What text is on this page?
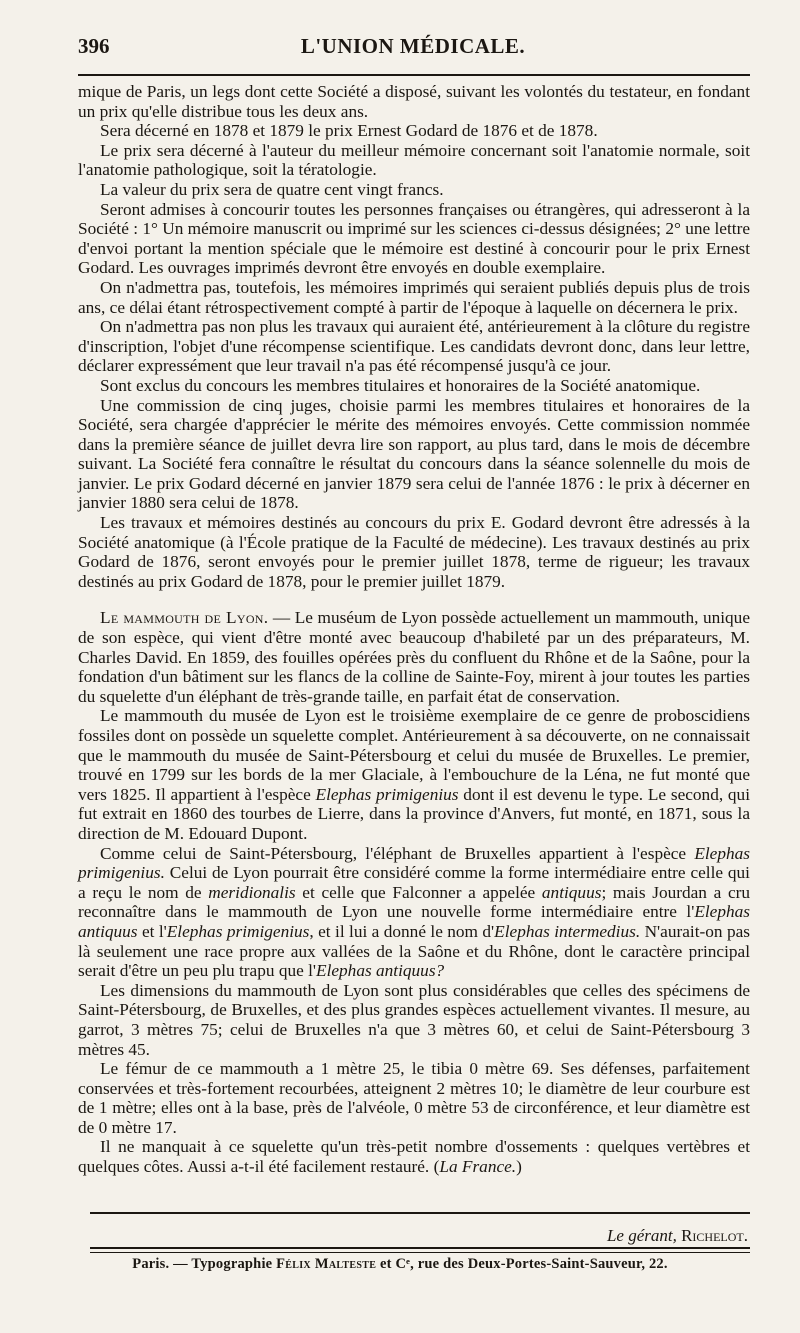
396	L'UNION MÉDICALE.

mique de Paris, un legs dont cette Société a disposé, suivant les volontés du testateur, en fondant un prix qu'elle distribue tous les deux ans.

Sera décerné en 1878 et 1879 le prix Ernest Godard de 1876 et de 1878.

Le prix sera décerné à l'auteur du meilleur mémoire concernant soit l'anatomie normale, soit l'anatomie pathologique, soit la tératologie.

La valeur du prix sera de quatre cent vingt francs.

Seront admises à concourir toutes les personnes françaises ou étrangères, qui adresseront à la Société : 1° Un mémoire manuscrit ou imprimé sur les sciences ci-dessus désignées; 2° une lettre d'envoi portant la mention spéciale que le mémoire est destiné à concourir pour le prix Ernest Godard. Les ouvrages imprimés devront être envoyés en double exemplaire.

On n'admettra pas, toutefois, les mémoires imprimés qui seraient publiés depuis plus de trois ans, ce délai étant rétrospectivement compté à partir de l'époque à laquelle on décernera le prix.

On n'admettra pas non plus les travaux qui auraient été, antérieurement à la clôture du registre d'inscription, l'objet d'une récompense scientifique. Les candidats devront donc, dans leur lettre, déclarer expressément que leur travail n'a pas été récompensé jusqu'à ce jour.

Sont exclus du concours les membres titulaires et honoraires de la Société anatomique.

Une commission de cinq juges, choisie parmi les membres titulaires et honoraires de la Société, sera chargée d'apprécier le mérite des mémoires envoyés. Cette commission nommée dans la première séance de juillet devra lire son rapport, au plus tard, dans le mois de décembre suivant. La Société fera connaître le résultat du concours dans la séance solennelle du mois de janvier. Le prix Godard décerné en janvier 1879 sera celui de l'année 1876 : le prix à décerner en janvier 1880 sera celui de 1878.

Les travaux et mémoires destinés au concours du prix E. Godard devront être adressés à la Société anatomique (à l'École pratique de la Faculté de médecine). Les travaux destinés au prix Godard de 1876, seront envoyés pour le premier juillet 1878, terme de rigueur; les travaux destinés au prix Godard de 1878, pour le premier juillet 1879.

Le mammouth de Lyon. — Le muséum de Lyon possède actuellement un mammouth, unique de son espèce, qui vient d'être monté avec beaucoup d'habileté par un des préparateurs, M. Charles David. En 1859, des fouilles opérées près du confluent du Rhône et de la Saône, pour la fondation d'un bâtiment sur les flancs de la colline de Sainte-Foy, mirent à jour toutes les parties du squelette d'un éléphant de très-grande taille, en parfait état de conservation.

Le mammouth du musée de Lyon est le troisième exemplaire de ce genre de proboscidiens fossiles dont on possède un squelette complet. Antérieurement à sa découverte, on ne connaissait que le mammouth du musée de Saint-Pétersbourg et celui du musée de Bruxelles. Le premier, trouvé en 1799 sur les bords de la mer Glaciale, à l'embouchure de la Léna, ne fut monté que vers 1825. Il appartient à l'espèce Elephas primigenius dont il est devenu le type. Le second, qui fut extrait en 1860 des tourbes de Lierre, dans la province d'Anvers, fut monté, en 1871, sous la direction de M. Edouard Dupont.

Comme celui de Saint-Pétersbourg, l'éléphant de Bruxelles appartient à l'espèce Elephas primigenius. Celui de Lyon pourrait être considéré comme la forme intermédiaire entre celle qui a reçu le nom de meridionalis et celle que Falconner a appelée antiquus; mais Jourdan a cru reconnaître dans le mammouth de Lyon une nouvelle forme intermédiaire entre l'Elephas antiquus et l'Elephas primigenius, et il lui a donné le nom d'Elephas intermedius. N'aurait-on pas là seulement une race propre aux vallées de la Saône et du Rhône, dont le caractère principal serait d'être un peu plu trapu que l'Elephas antiquus?

Les dimensions du mammouth de Lyon sont plus considérables que celles des spécimens de Saint-Pétersbourg, de Bruxelles, et des plus grandes espèces actuellement vivantes. Il mesure, au garrot, 3 mètres 75; celui de Bruxelles n'a que 3 mètres 60, et celui de Saint-Pétersbourg 3 mètres 45.

Le fémur de ce mammouth a 1 mètre 25, le tibia 0 mètre 69. Ses défenses, parfaitement conservées et très-fortement recourbées, atteignent 2 mètres 10; le diamètre de leur courbure est de 1 mètre; elles ont à la base, près de l'alvéole, 0 mètre 53 de circonférence, et leur diamètre est de 0 mètre 17.

Il ne manquait à ce squelette qu'un très-petit nombre d'ossements : quelques vertèbres et quelques côtes. Aussi a-t-il été facilement restauré. (La France.)

Le gérant, Richelot.
Paris. — Typographie Félix Malteste et Cᵉ, rue des Deux-Portes-Saint-Sauveur, 22.
